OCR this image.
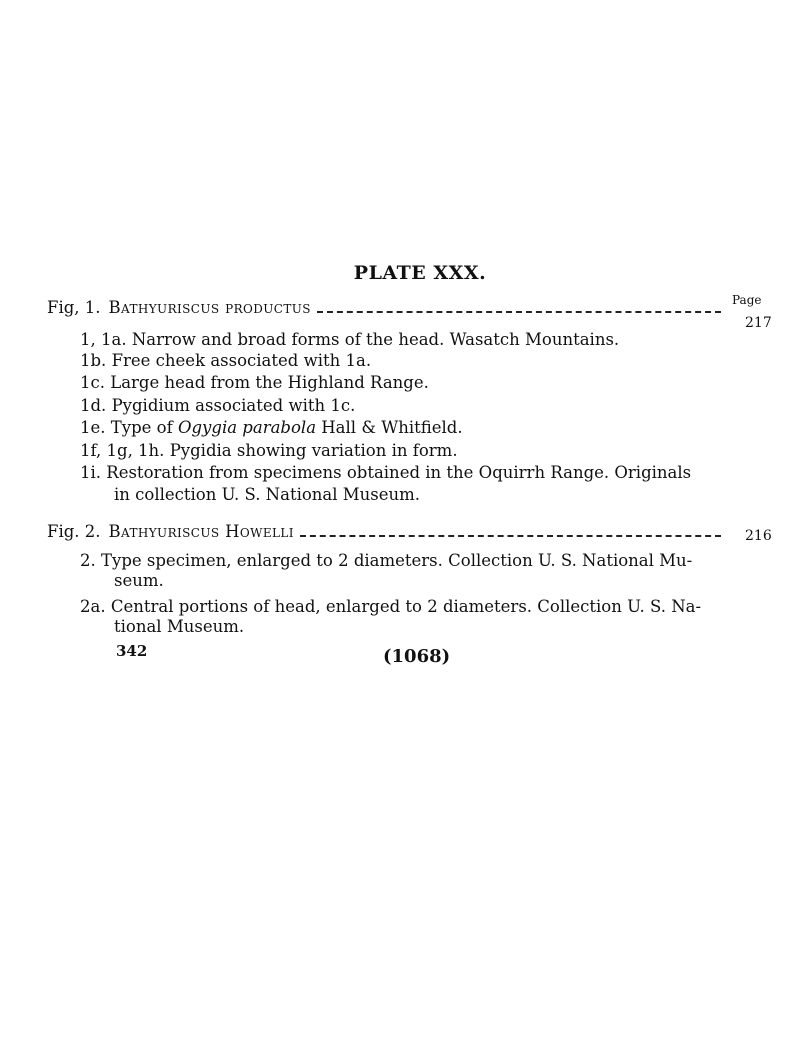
PLATE XXX.
Page
Fig, 1. Bathyuriscus productus
217
1, 1a. Narrow and broad forms of the head. Wasatch Mountains.
1b. Free cheek associated with 1a.
1c. Large head from the Highland Range.
1d. Pygidium associated with 1c.
1e. Type of Ogygia parabola Hall & Whitfield.
1f, 1g, 1h. Pygidia showing variation in form.
1i. Restoration from specimens obtained in the Oquirrh Range. Originals
in collection U. S. National Museum.
Fig. 2. Bathyuriscus Howelli	216
2. Type specimen, enlarged to 2 diameters. Collection U. S. National Mu-
seum.
2a. Central portions of head, enlarged to 2 diameters. Collection U. S. Na-
tional Museum.
342	(1068)
